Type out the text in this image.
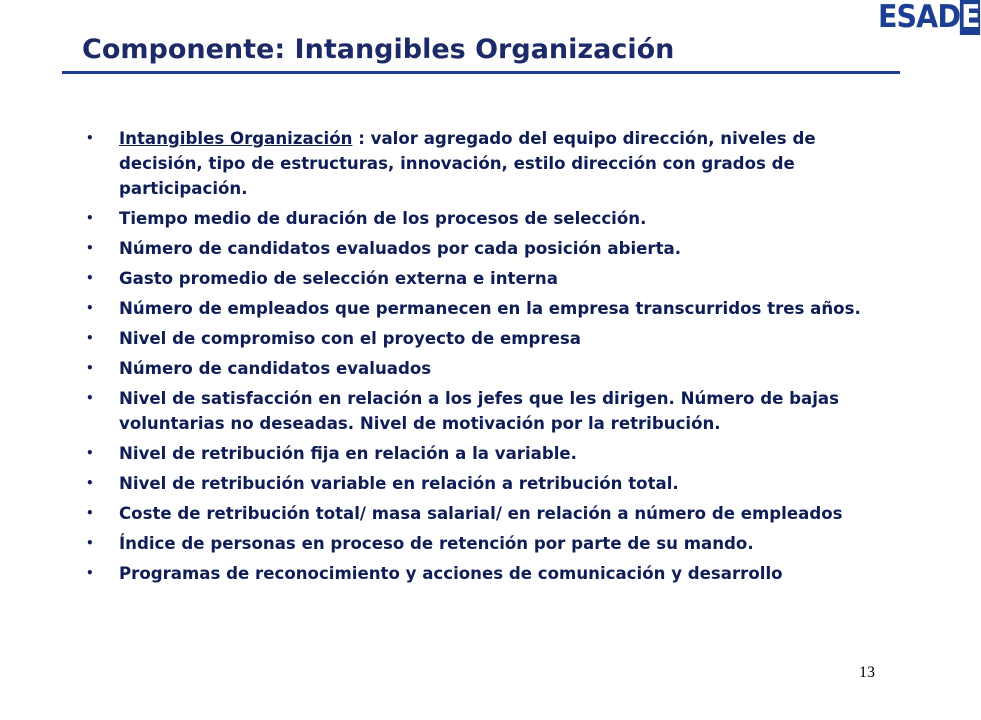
ESADE
Componente: Intangibles Organización
• Intangibles Organización : valor agregado del equipo dirección, niveles de decisión, tipo de estructuras, innovación, estilo dirección con grados de participación.
• Tiempo medio de duración de los procesos de selección.
• Número de candidatos evaluados por cada posición abierta.
• Gasto promedio de selección externa e interna
• Número de empleados que permanecen en la empresa transcurridos tres años.
• Nivel de compromiso con el proyecto de empresa
• Número de candidatos evaluados
• Nivel de satisfacción en relación a los jefes que les dirigen. Número de bajas voluntarias no deseadas. Nivel de motivación por la retribución.
• Nivel de retribución fija en relación a la variable.
• Nivel de retribución variable en relación a retribución total.
• Coste de retribución total/ masa salarial/ en relación a número de empleados
• Índice de personas en proceso de retención por parte de su mando.
• Programas de reconocimiento y acciones de comunicación y desarrollo
13
